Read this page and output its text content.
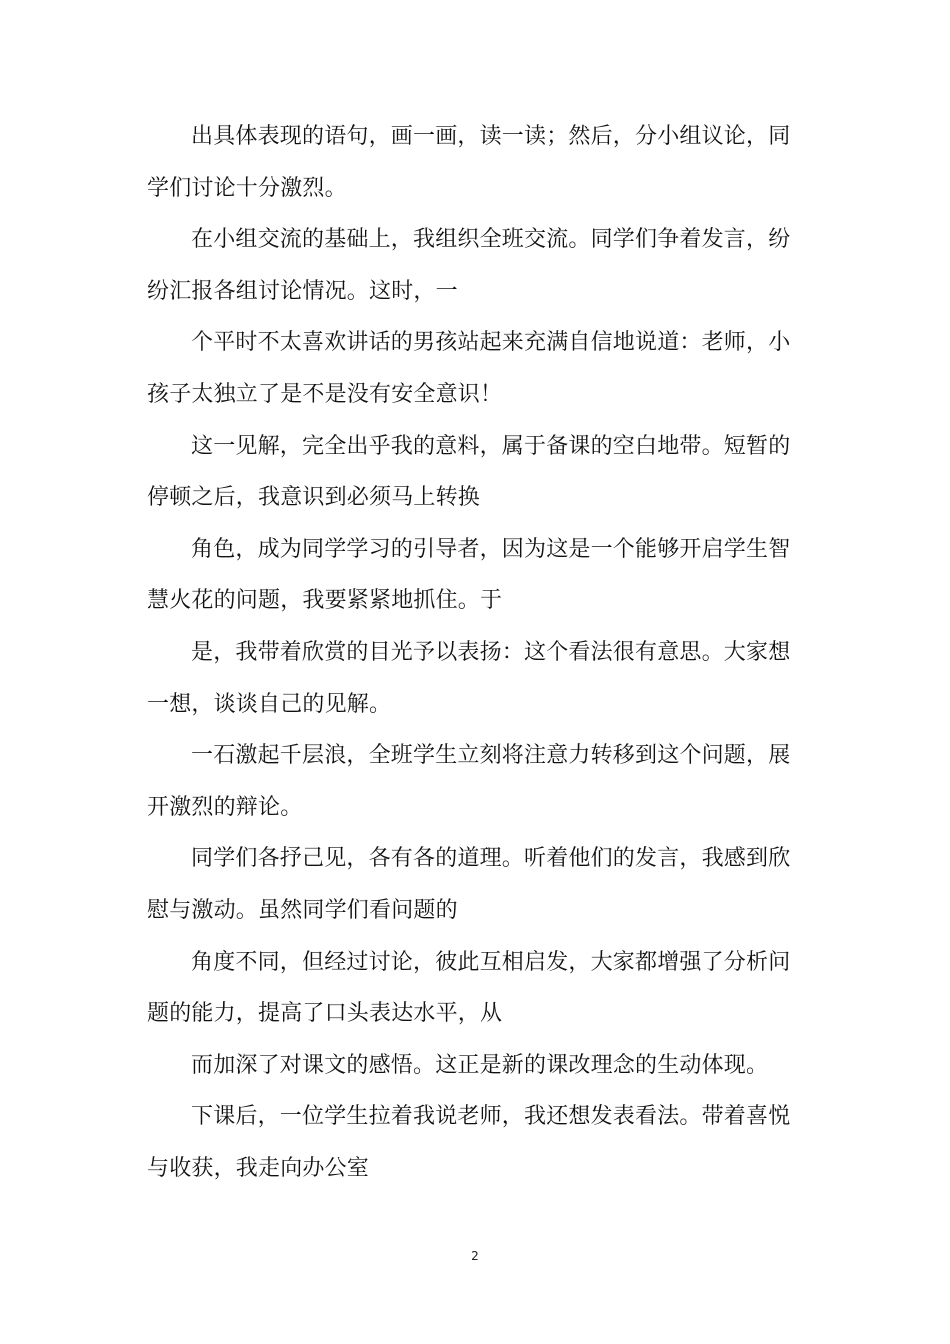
出具体表现的语句，画一画，读一读；然后，分小组议论，同
学们讨论十分激烈。

在小组交流的基础上，我组织全班交流。同学们争着发言，纷
纷汇报各组讨论情况。这时，一

个平时不太喜欢讲话的男孩站起来充满自信地说道：老师，小
孩子太独立了是不是没有安全意识！

这一见解，完全出乎我的意料，属于备课的空白地带。短暂的
停顿之后，我意识到必须马上转换

角色，成为同学学习的引导者，因为这是一个能够开启学生智
慧火花的问题，我要紧紧地抓住。于

是，我带着欣赏的目光予以表扬：这个看法很有意思。大家想
一想，谈谈自己的见解。

一石激起千层浪，全班学生立刻将注意力转移到这个问题，展
开激烈的辩论。

同学们各抒己见，各有各的道理。听着他们的发言，我感到欣
慰与激动。虽然同学们看问题的

角度不同，但经过讨论，彼此互相启发，大家都增强了分析问
题的能力，提高了口头表达水平，从

而加深了对课文的感悟。这正是新的课改理念的生动体现。

下课后，一位学生拉着我说老师，我还想发表看法。带着喜悦
与收获，我走向办公室

2
